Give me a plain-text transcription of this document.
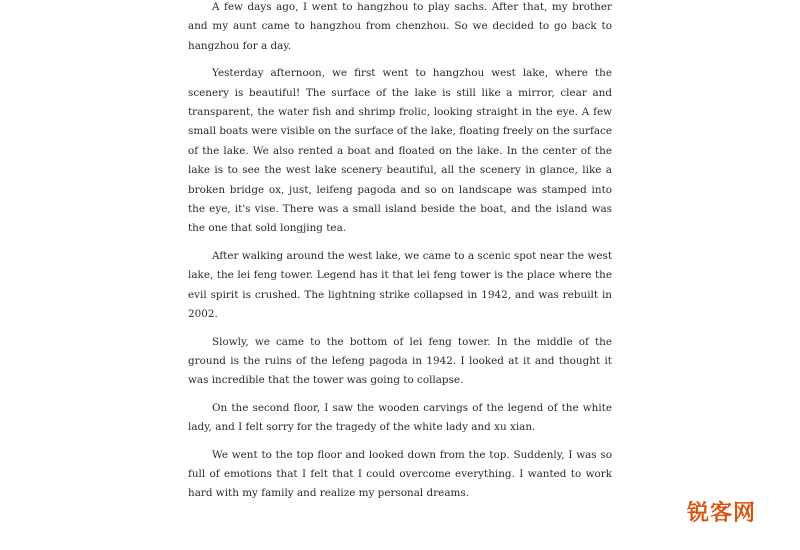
A few days ago, I went to hangzhou to play sachs. After that, my brother and my aunt came to hangzhou from chenzhou. So we decided to go back to hangzhou for a day.

Yesterday afternoon, we first went to hangzhou west lake, where the scenery is beautiful! The surface of the lake is still like a mirror, clear and transparent, the water fish and shrimp frolic, looking straight in the eye. A few small boats were visible on the surface of the lake, floating freely on the surface of the lake. We also rented a boat and floated on the lake. In the center of the lake is to see the west lake scenery beautiful, all the scenery in glance, like a broken bridge ox, just, leifeng pagoda and so on landscape was stamped into the eye, it's vise. There was a small island beside the boat, and the island was the one that sold longjing tea.

After walking around the west lake, we came to a scenic spot near the west lake, the lei feng tower. Legend has it that lei feng tower is the place where the evil spirit is crushed. The lightning strike collapsed in 1942, and was rebuilt in 2002.

Slowly, we came to the bottom of lei feng tower. In the middle of the ground is the ruins of the lefeng pagoda in 1942. I looked at it and thought it was incredible that the tower was going to collapse.

On the second floor, I saw the wooden carvings of the legend of the white lady, and I felt sorry for the tragedy of the white lady and xu xian.

We went to the top floor and looked down from the top. Suddenly, I was so full of emotions that I felt that I could overcome everything. I wanted to work hard with my family and realize my personal dreams.

锐客网
